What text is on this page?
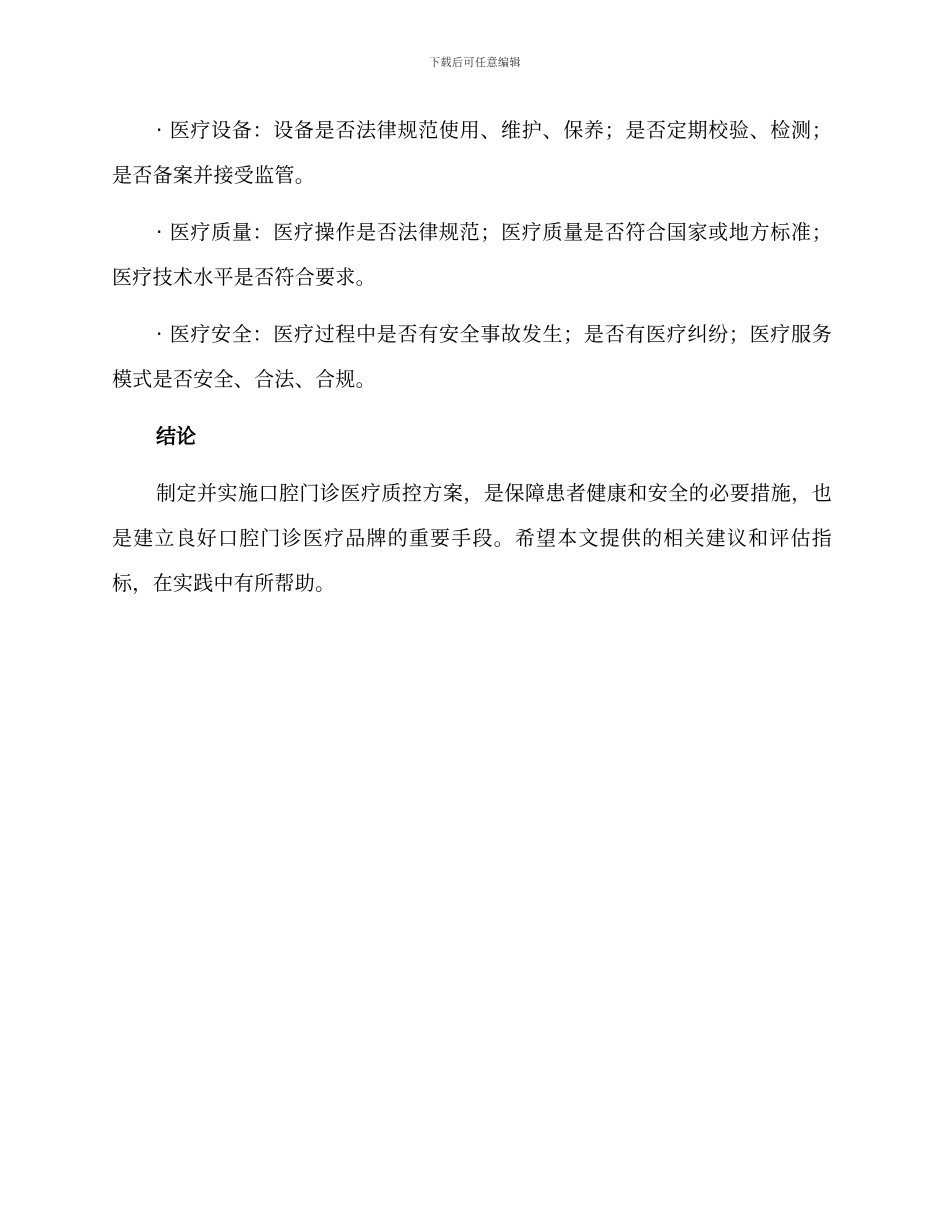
下载后可任意编辑

· 医疗设备：设备是否法律规范使用、维护、保养；是否定期校验、检测；是否备案并接受监管。

· 医疗质量：医疗操作是否法律规范；医疗质量是否符合国家或地方标准；医疗技术水平是否符合要求。

· 医疗安全：医疗过程中是否有安全事故发生；是否有医疗纠纷；医疗服务模式是否安全、合法、合规。

结论

制定并实施口腔门诊医疗质控方案，是保障患者健康和安全的必要措施，也是建立良好口腔门诊医疗品牌的重要手段。希望本文提供的相关建议和评估指标，在实践中有所帮助。
